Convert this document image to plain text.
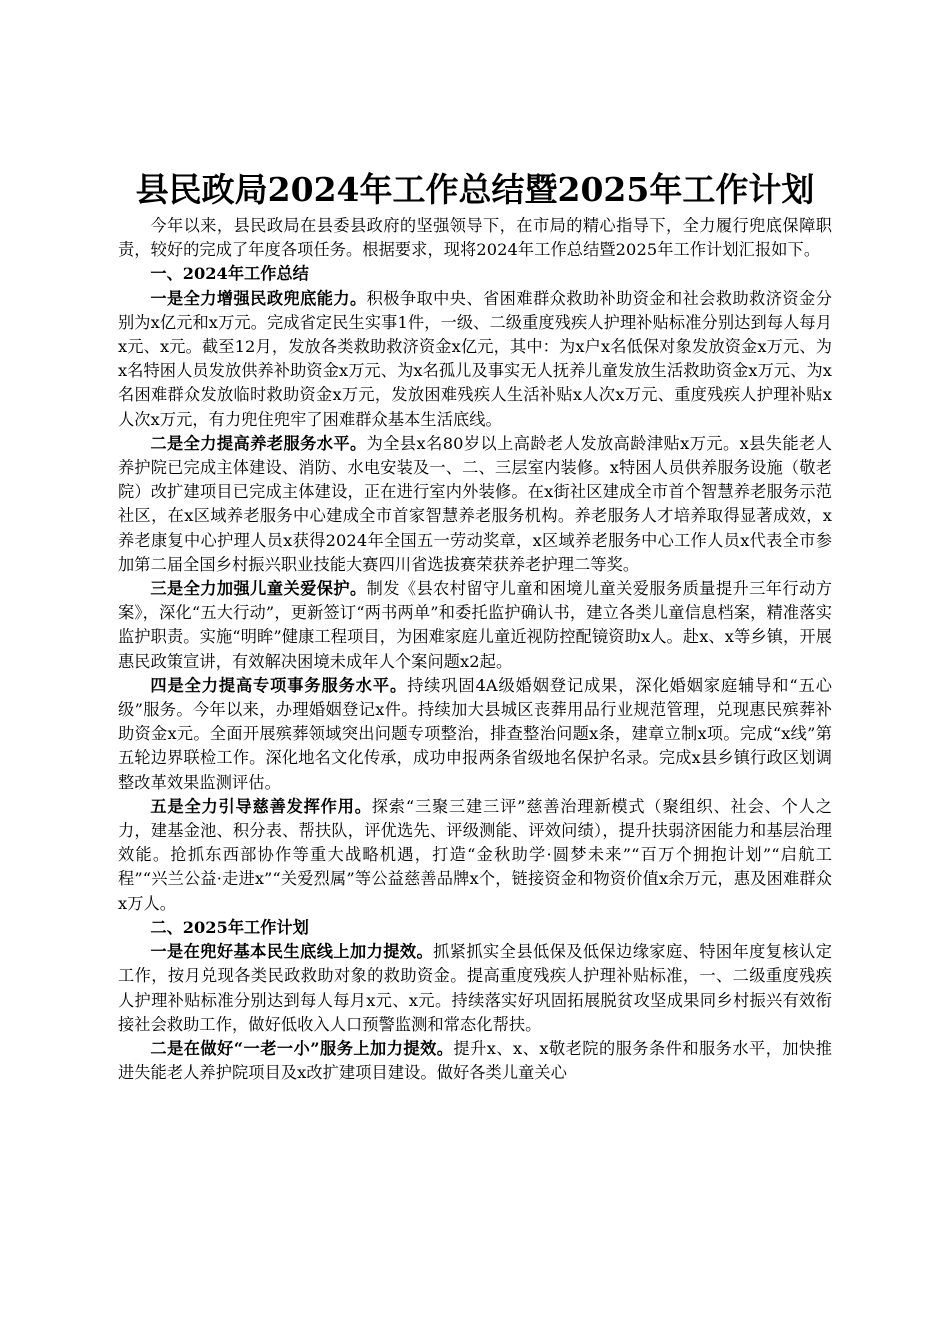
县民政局2024年工作总结暨2025年工作计划

今年以来，县民政局在县委县政府的坚强领导下，在市局的精心指导下，全力履行兜底保障职责，较好的完成了年度各项任务。根据要求，现将2024年工作总结暨2025年工作计划汇报如下。

一、2024年工作总结

一是全力增强民政兜底能力。积极争取中央、省困难群众救助补助资金和社会救助救济资金分别为x亿元和x万元。完成省定民生实事1件，一级、二级重度残疾人护理补贴标准分别达到每人每月x元、x元。截至12月，发放各类救助救济资金x亿元，其中：为x户x名低保对象发放资金x万元、为x名特困人员发放供养补助资金x万元、为x名孤儿及事实无人抚养儿童发放生活救助资金x万元、为x名困难群众发放临时救助资金x万元，发放困难残疾人生活补贴x人次x万元、重度残疾人护理补贴x人次x万元，有力兜住兜牢了困难群众基本生活底线。

二是全力提高养老服务水平。为全县x名80岁以上高龄老人发放高龄津贴x万元。x县失能老人养护院已完成主体建设、消防、水电安装及一、二、三层室内装修。x特困人员供养服务设施（敬老院）改扩建项目已完成主体建设，正在进行室内外装修。在x街社区建成全市首个智慧养老服务示范社区，在x区域养老服务中心建成全市首家智慧养老服务机构。养老服务人才培养取得显著成效，x养老康复中心护理人员x获得2024年全国五一劳动奖章，x区域养老服务中心工作人员x代表全市参加第二届全国乡村振兴职业技能大赛四川省选拔赛荣获养老护理二等奖。

三是全力加强儿童关爱保护。制发《县农村留守儿童和困境儿童关爱服务质量提升三年行动方案》，深化“五大行动”，更新签订“两书两单”和委托监护确认书，建立各类儿童信息档案，精准落实监护职责。实施“明眸”健康工程项目，为困难家庭儿童近视防控配镜资助x人。赴x、x等乡镇，开展惠民政策宣讲，有效解决困境未成年人个案问题x2起。

四是全力提高专项事务服务水平。持续巩固4A级婚姻登记成果，深化婚姻家庭辅导和“五心级”服务。今年以来，办理婚姻登记x件。持续加大县城区丧葬用品行业规范管理，兑现惠民殡葬补助资金x元。全面开展殡葬领域突出问题专项整治，排查整治问题x条，建章立制x项。完成“x线”第五轮边界联检工作。深化地名文化传承，成功申报两条省级地名保护名录。完成x县乡镇行政区划调整改革效果监测评估。

五是全力引导慈善发挥作用。探索“三聚三建三评”慈善治理新模式（聚组织、社会、个人之力，建基金池、积分表、帮扶队，评优选先、评级测能、评效问绩），提升扶弱济困能力和基层治理效能。抢抓东西部协作等重大战略机遇，打造“金秋助学·圆梦未来”“百万个拥抱计划”“启航工程”“兴兰公益·走进x”“关爱烈属”等公益慈善品牌x个，链接资金和物资价值x余万元，惠及困难群众x万人。

二、2025年工作计划

一是在兜好基本民生底线上加力提效。抓紧抓实全县低保及低保边缘家庭、特困年度复核认定工作，按月兑现各类民政救助对象的救助资金。提高重度残疾人护理补贴标准，一、二级重度残疾人护理补贴标准分别达到每人每月x元、x元。持续落实好巩固拓展脱贫攻坚成果同乡村振兴有效衔接社会救助工作，做好低收入人口预警监测和常态化帮扶。

二是在做好“一老一小”服务上加力提效。提升x、x、x敬老院的服务条件和服务水平，加快推进失能老人养护院项目及x改扩建项目建设。做好各类儿童关心
